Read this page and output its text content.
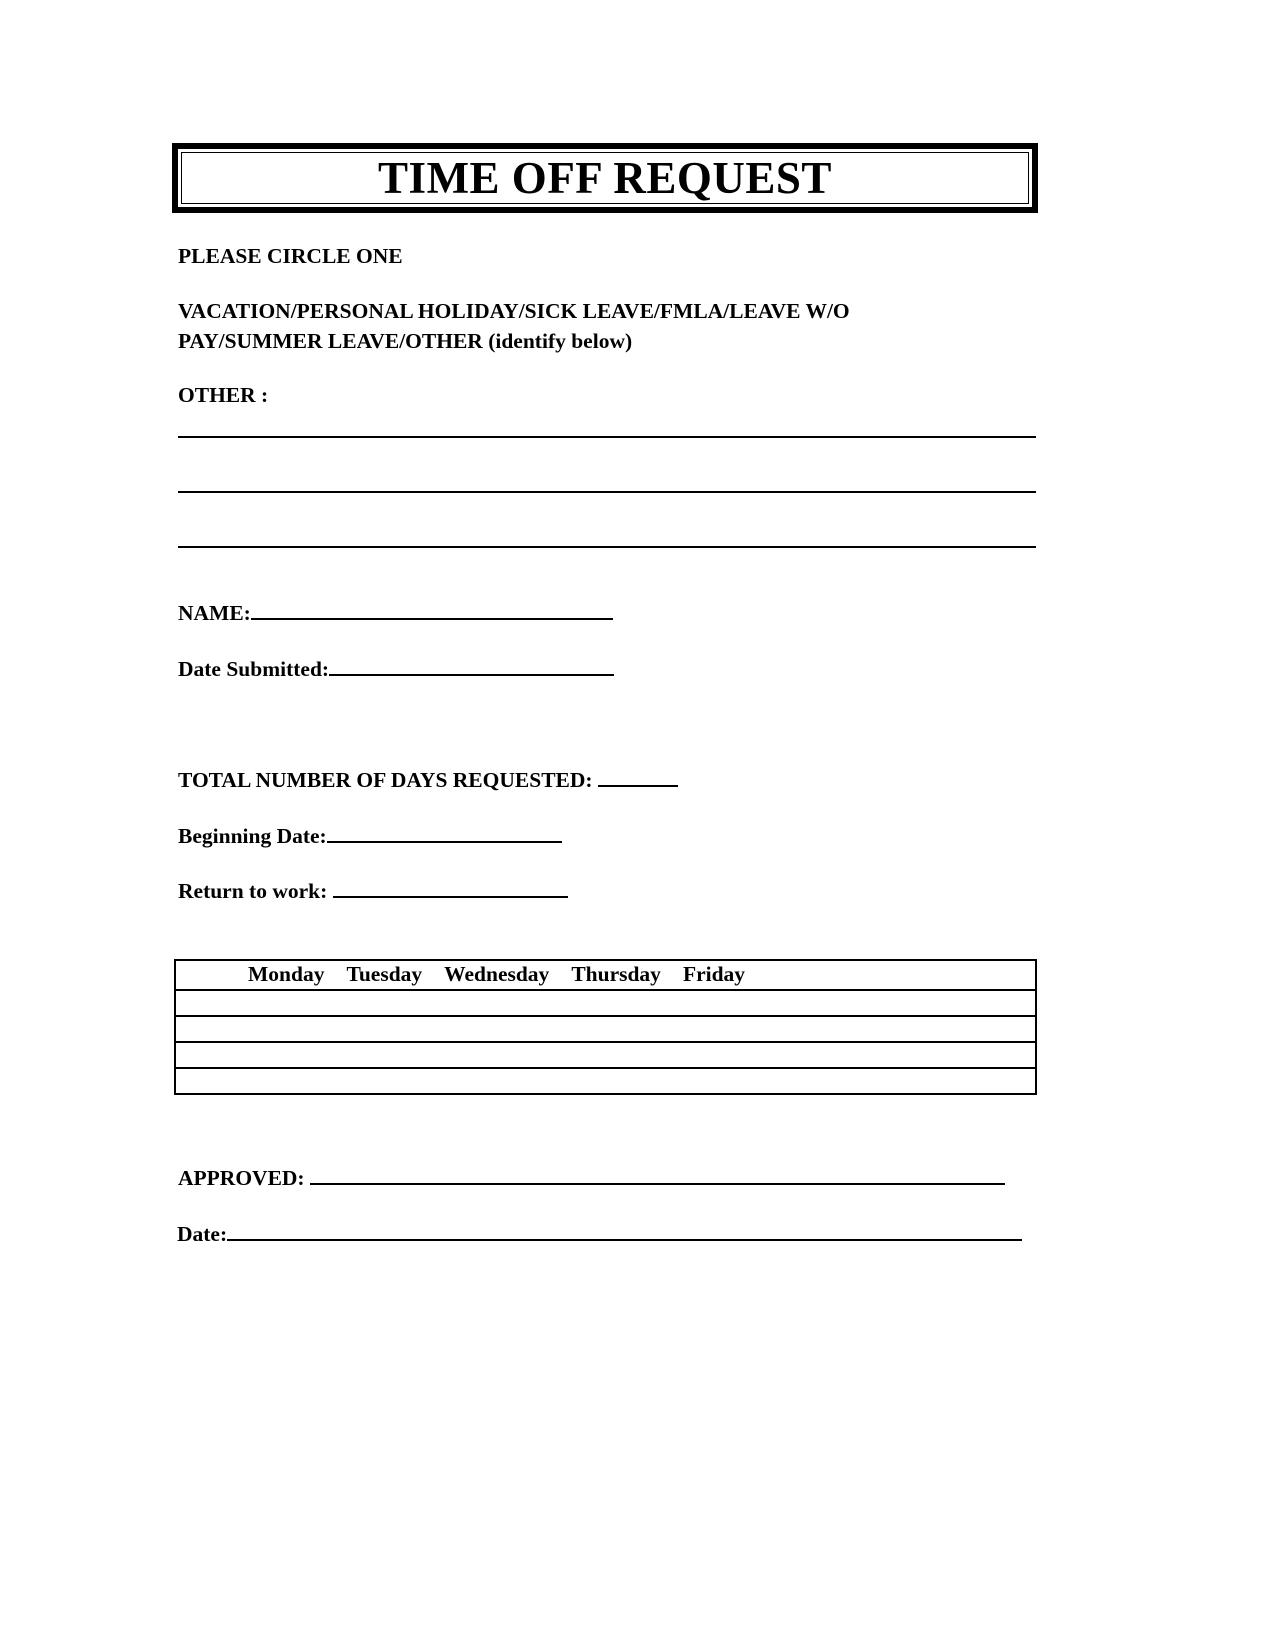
TIME OFF REQUEST
PLEASE CIRCLE ONE
VACATION/PERSONAL HOLIDAY/SICK LEAVE/FMLA/LEAVE W/O PAY/SUMMER LEAVE/OTHER (identify below)
OTHER :
NAME:
Date Submitted:
TOTAL NUMBER OF DAYS REQUESTED:
Beginning Date:
Return to work:
Monday Tuesday Wednesday Thursday Friday

APPROVED:
Date:
